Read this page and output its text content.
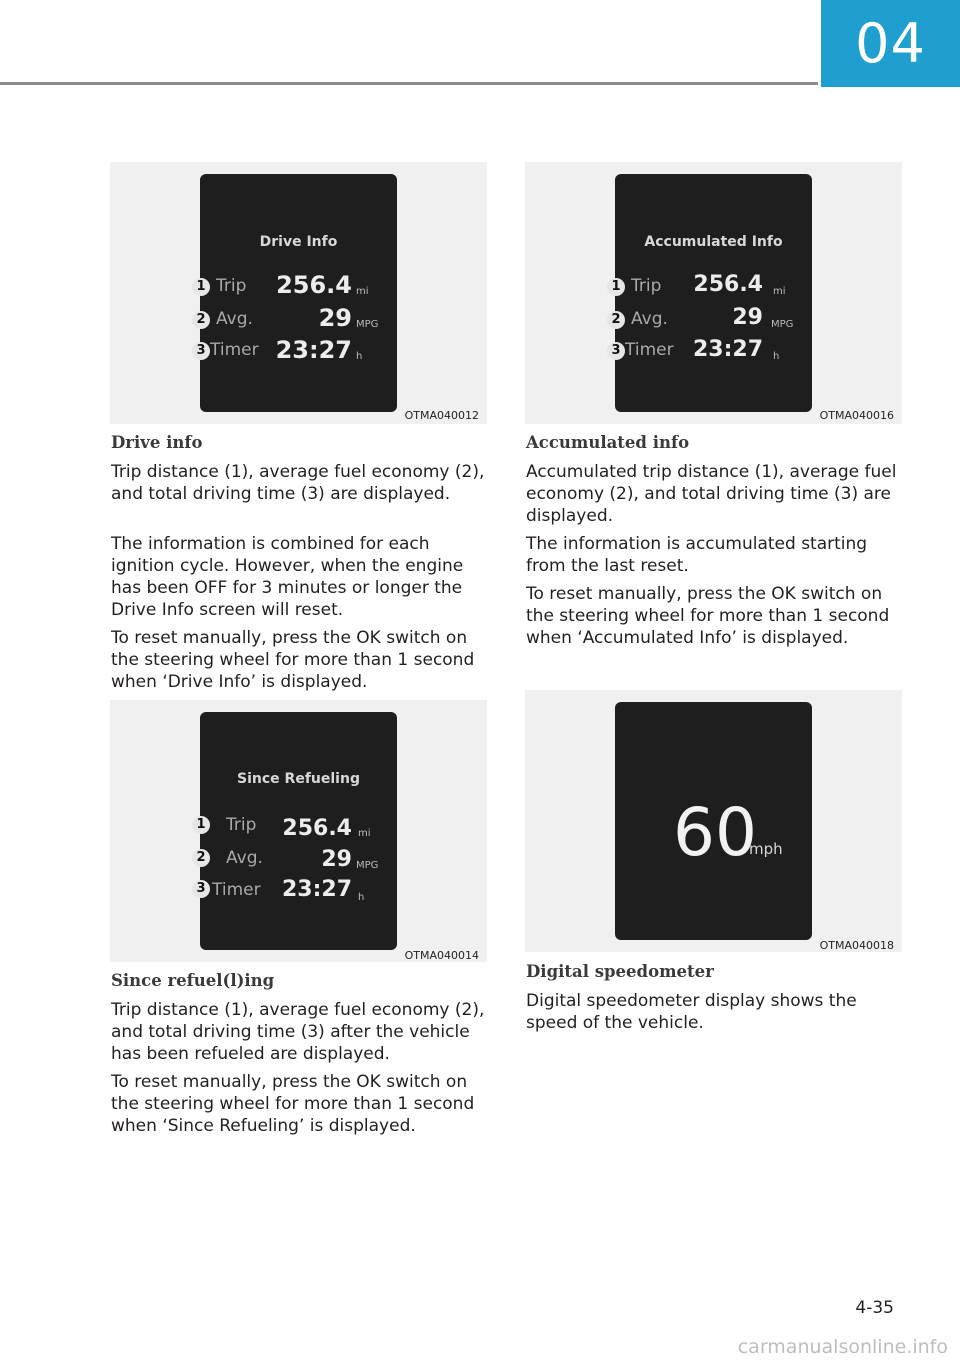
04
Drive Info
Trip	256.4 mi
Avg.	29 MPG
Timer 23:27 h
1
2
3
OTMA040012
Accumulated Info
Trip	256.4 mi
Avg.	29 MPG
Timer 23:27 h
1
2
3
OTMA040016
Drive info

Trip distance (1), average fuel economy (2), and total driving time (3) are displayed.

The information is combined for each ignition cycle. However, when the engine has been OFF for 3 minutes or longer the Drive Info screen will reset.

To reset manually, press the OK switch on the steering wheel for more than 1 second when ‘Drive Info’ is displayed.

Accumulated info

Accumulated trip distance (1), average fuel economy (2), and total driving time (3) are displayed.

The information is accumulated starting from the last reset.

To reset manually, press the OK switch on the steering wheel for more than 1 second when ‘Accumulated Info’ is displayed.

Since Refueling
Trip	256.4 mi
Avg.	29 MPG
Timer 23:27 h
1
2
3
OTMA040014
60
mph
OTMA040018
Since refuel(l)ing

Trip distance (1), average fuel economy (2), and total driving time (3) after the vehicle has been refueled are displayed.

To reset manually, press the OK switch on the steering wheel for more than 1 second when ‘Since Refueling’ is displayed.

Digital speedometer

Digital speedometer display shows the speed of the vehicle.

4-35
carmanualsonline.info
